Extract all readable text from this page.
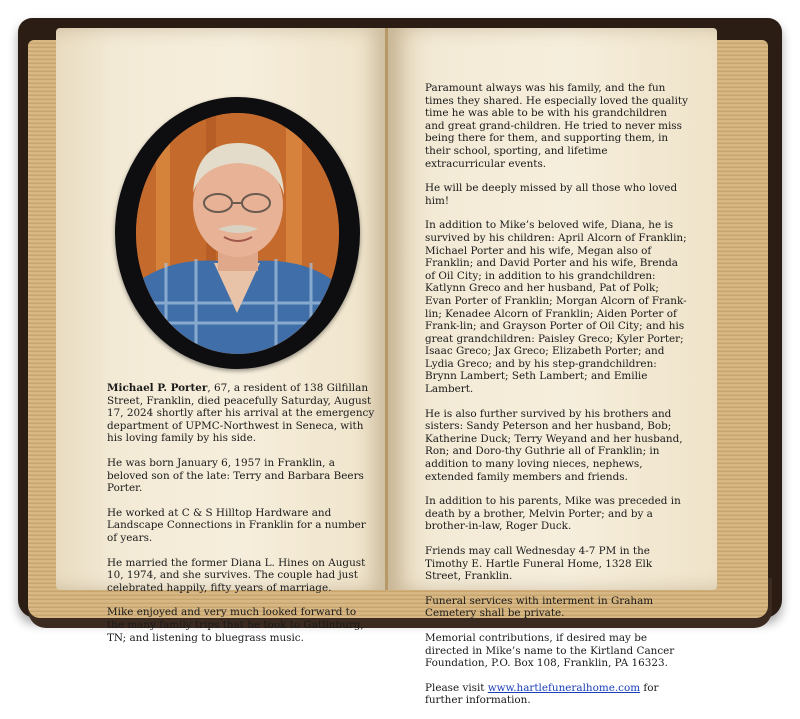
Michael P. Porter, 67, a resident of 138 Gilfillan Street, Franklin, died peacefully Saturday, August 17, 2024 shortly after his arrival at the emergency department of UPMC-Northwest in Seneca, with his loving family by his side.

He was born January 6, 1957 in Franklin, a beloved son of the late: Terry and Barbara Beers Porter.

He worked at C & S Hilltop Hardware and Landscape Connections in Franklin for a number of years.

He married the former Diana L. Hines on August 10, 1974, and she survives. The couple had just celebrated happily, fifty years of marriage.

Mike enjoyed and very much looked forward to the many family trips that he took to Gatlinburg, TN; and listening to bluegrass music.

Paramount always was his family, and the fun times they shared. He especially loved the quality time he was able to be with his grandchildren and great grand-children. He tried to never miss being there for them, and supporting them, in their school, sporting, and lifetime extracurricular events.

He will be deeply missed by all those who loved him!

In addition to Mike’s beloved wife, Diana, he is survived by his children: April Alcorn of Franklin; Michael Porter and his wife, Megan also of Franklin; and David Porter and his wife, Brenda of Oil City; in addition to his grandchildren: Katlynn Greco and her husband, Pat of Polk; Evan Porter of Franklin; Morgan Alcorn of Frank-lin; Kenadee Alcorn of Franklin; Aiden Porter of Frank-lin; and Grayson Porter of Oil City; and his great grandchildren: Paisley Greco; Kyler Porter; Isaac Greco; Jax Greco; Elizabeth Porter; and Lydia Greco; and by his step-grandchildren: Brynn Lambert; Seth Lambert; and Emilie Lambert.

He is also further survived by his brothers and sisters: Sandy Peterson and her husband, Bob; Katherine Duck; Terry Weyand and her husband, Ron; and Doro-thy Guthrie all of Franklin; in addition to many loving nieces, nephews, extended family members and friends.

In addition to his parents, Mike was preceded in death by a brother, Melvin Porter; and by a brother-in-law, Roger Duck.

Friends may call Wednesday 4-7 PM in the Timothy E. Hartle Funeral Home, 1328 Elk Street, Franklin.

Funeral services with interment in Graham Cemetery shall be private.

Memorial contributions, if desired may be directed in Mike’s name to the Kirtland Cancer Foundation, P.O. Box 108, Franklin, PA 16323.

Please visit www.hartlefuneralhome.com for further information.
